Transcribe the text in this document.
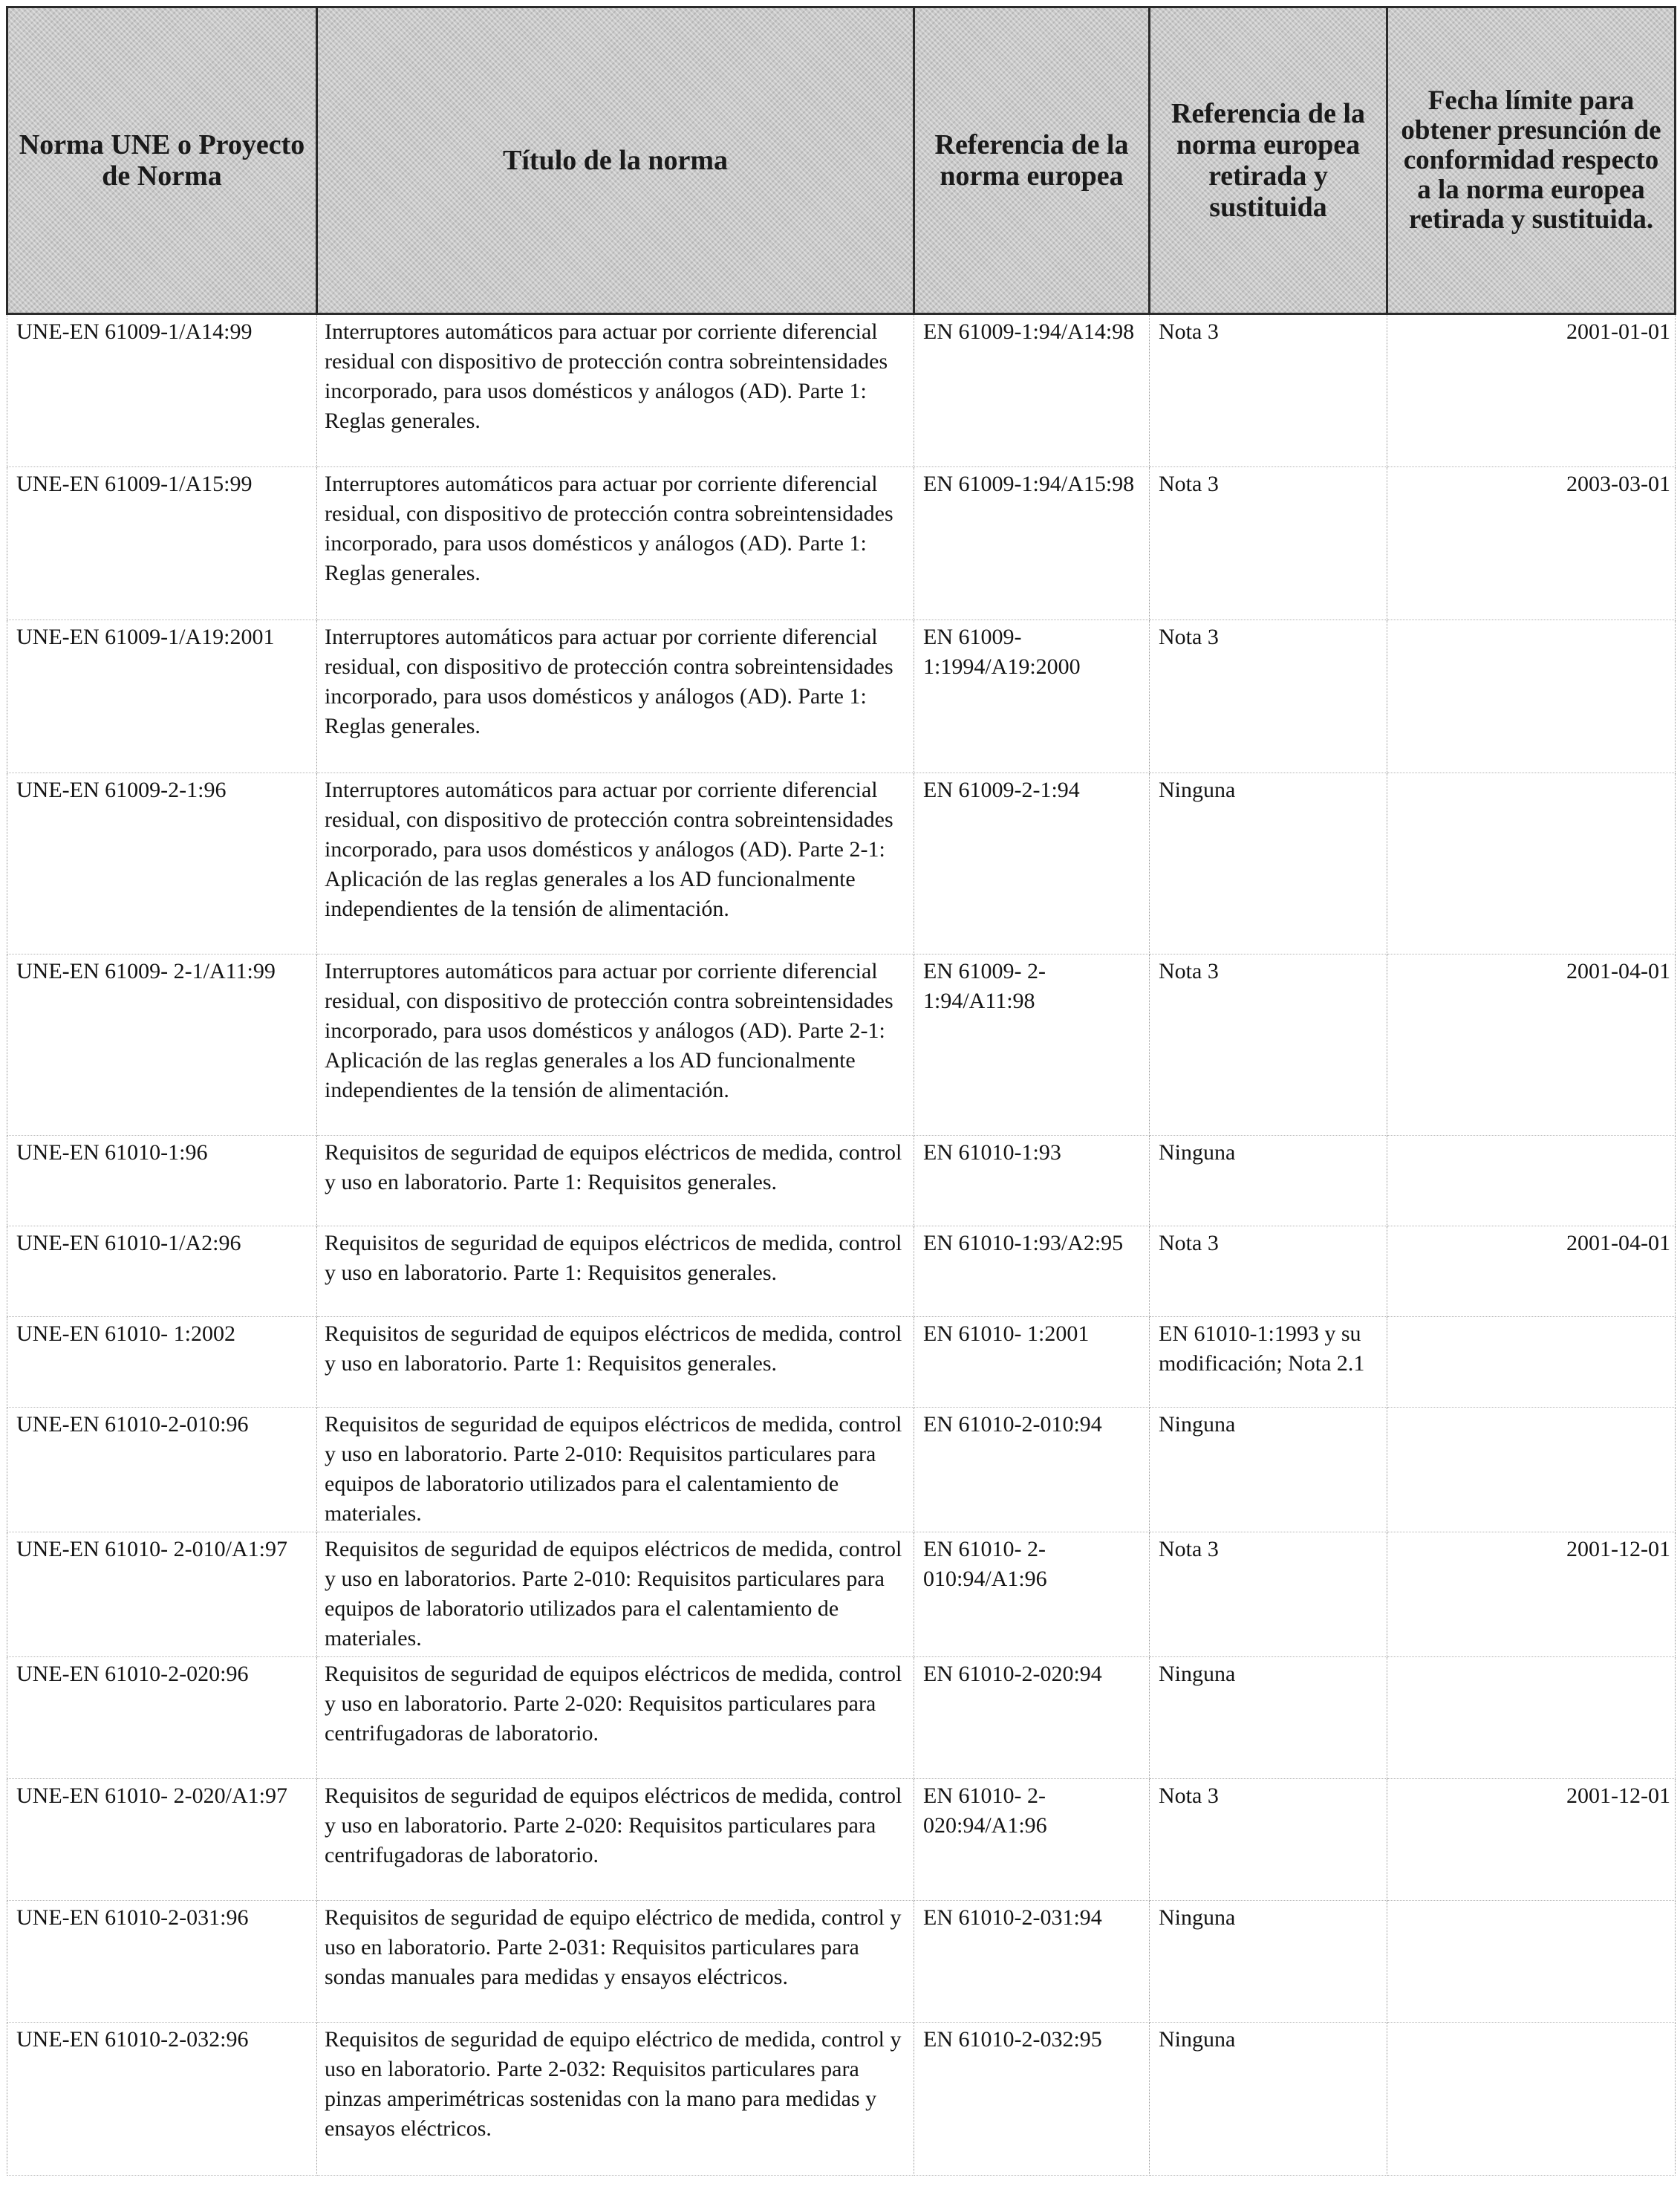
Norma UNE o Proyecto de Norma	Título de la norma	Referencia de la norma europea	Referencia de la norma europea retirada y sustituida	Fecha límite para obtener presunción de conformidad respecto a la norma europea retirada y sustituida.
UNE-EN 61009-1/A14:99	Interruptores automáticos para actuar por corriente diferencial residual con dispositivo de protección contra sobreintensidades incorporado, para usos domésticos y análogos (AD). Parte 1: Reglas generales.	EN 61009-1:94/A14:98	Nota 3	2001-01-01
UNE-EN 61009-1/A15:99	Interruptores automáticos para actuar por corriente diferencial residual, con dispositivo de protección contra sobreintensidades incorporado, para usos domésticos y análogos (AD). Parte 1: Reglas generales.	EN 61009-1:94/A15:98	Nota 3	2003-03-01
UNE-EN 61009-1/A19:2001	Interruptores automáticos para actuar por corriente diferencial residual, con dispositivo de protección contra sobreintensidades incorporado, para usos domésticos y análogos (AD). Parte 1: Reglas generales.	EN 61009-1:1994/A19:2000	Nota 3	
UNE-EN 61009-2-1:96	Interruptores automáticos para actuar por corriente diferencial residual, con dispositivo de protección contra sobreintensidades incorporado, para usos domésticos y análogos (AD). Parte 2-1: Aplicación de las reglas generales a los AD funcionalmente independientes de la tensión de alimentación.	EN 61009-2-1:94	Ninguna	
UNE-EN 61009- 2-1/A11:99	Interruptores automáticos para actuar por corriente diferencial residual, con dispositivo de protección contra sobreintensidades incorporado, para usos domésticos y análogos (AD). Parte 2-1: Aplicación de las reglas generales a los AD funcionalmente independientes de la tensión de alimentación.	EN 61009- 2-1:94/A11:98	Nota 3	2001-04-01
UNE-EN 61010-1:96	Requisitos de seguridad de equipos eléctricos de medida, control y uso en laboratorio. Parte 1: Requisitos generales.	EN 61010-1:93	Ninguna	
UNE-EN 61010-1/A2:96	Requisitos de seguridad de equipos eléctricos de medida, control y uso en laboratorio. Parte 1: Requisitos generales.	EN 61010-1:93/A2:95	Nota 3	2001-04-01
UNE-EN 61010- 1:2002	Requisitos de seguridad de equipos eléctricos de medida, control y uso en laboratorio. Parte 1: Requisitos generales.	EN 61010- 1:2001	EN 61010-1:1993 y su modificación; Nota 2.1	
UNE-EN 61010-2-010:96	Requisitos de seguridad de equipos eléctricos de medida, control y uso en laboratorio. Parte 2-010: Requisitos particulares para equipos de laboratorio utilizados para el calentamiento de materiales.	EN 61010-2-010:94	Ninguna	
UNE-EN 61010- 2-010/A1:97	Requisitos de seguridad de equipos eléctricos de medida, control y uso en laboratorios. Parte 2-010: Requisitos particulares para equipos de laboratorio utilizados para el calentamiento de materiales.	EN 61010- 2-010:94/A1:96	Nota 3	2001-12-01
UNE-EN 61010-2-020:96	Requisitos de seguridad de equipos eléctricos de medida, control y uso en laboratorio. Parte 2-020: Requisitos particulares para centrifugadoras de laboratorio.	EN 61010-2-020:94	Ninguna	
UNE-EN 61010- 2-020/A1:97	Requisitos de seguridad de equipos eléctricos de medida, control y uso en laboratorio. Parte 2-020: Requisitos particulares para centrifugadoras de laboratorio.	EN 61010- 2-020:94/A1:96	Nota 3	2001-12-01
UNE-EN 61010-2-031:96	Requisitos de seguridad de equipo eléctrico de medida, control y uso en laboratorio. Parte 2-031: Requisitos particulares para sondas manuales para medidas y ensayos eléctricos.	EN 61010-2-031:94	Ninguna	
UNE-EN 61010-2-032:96	Requisitos de seguridad de equipo eléctrico de medida, control y uso en laboratorio. Parte 2-032: Requisitos particulares para pinzas amperimétricas sostenidas con la mano para medidas y ensayos eléctricos.	EN 61010-2-032:95	Ninguna	
